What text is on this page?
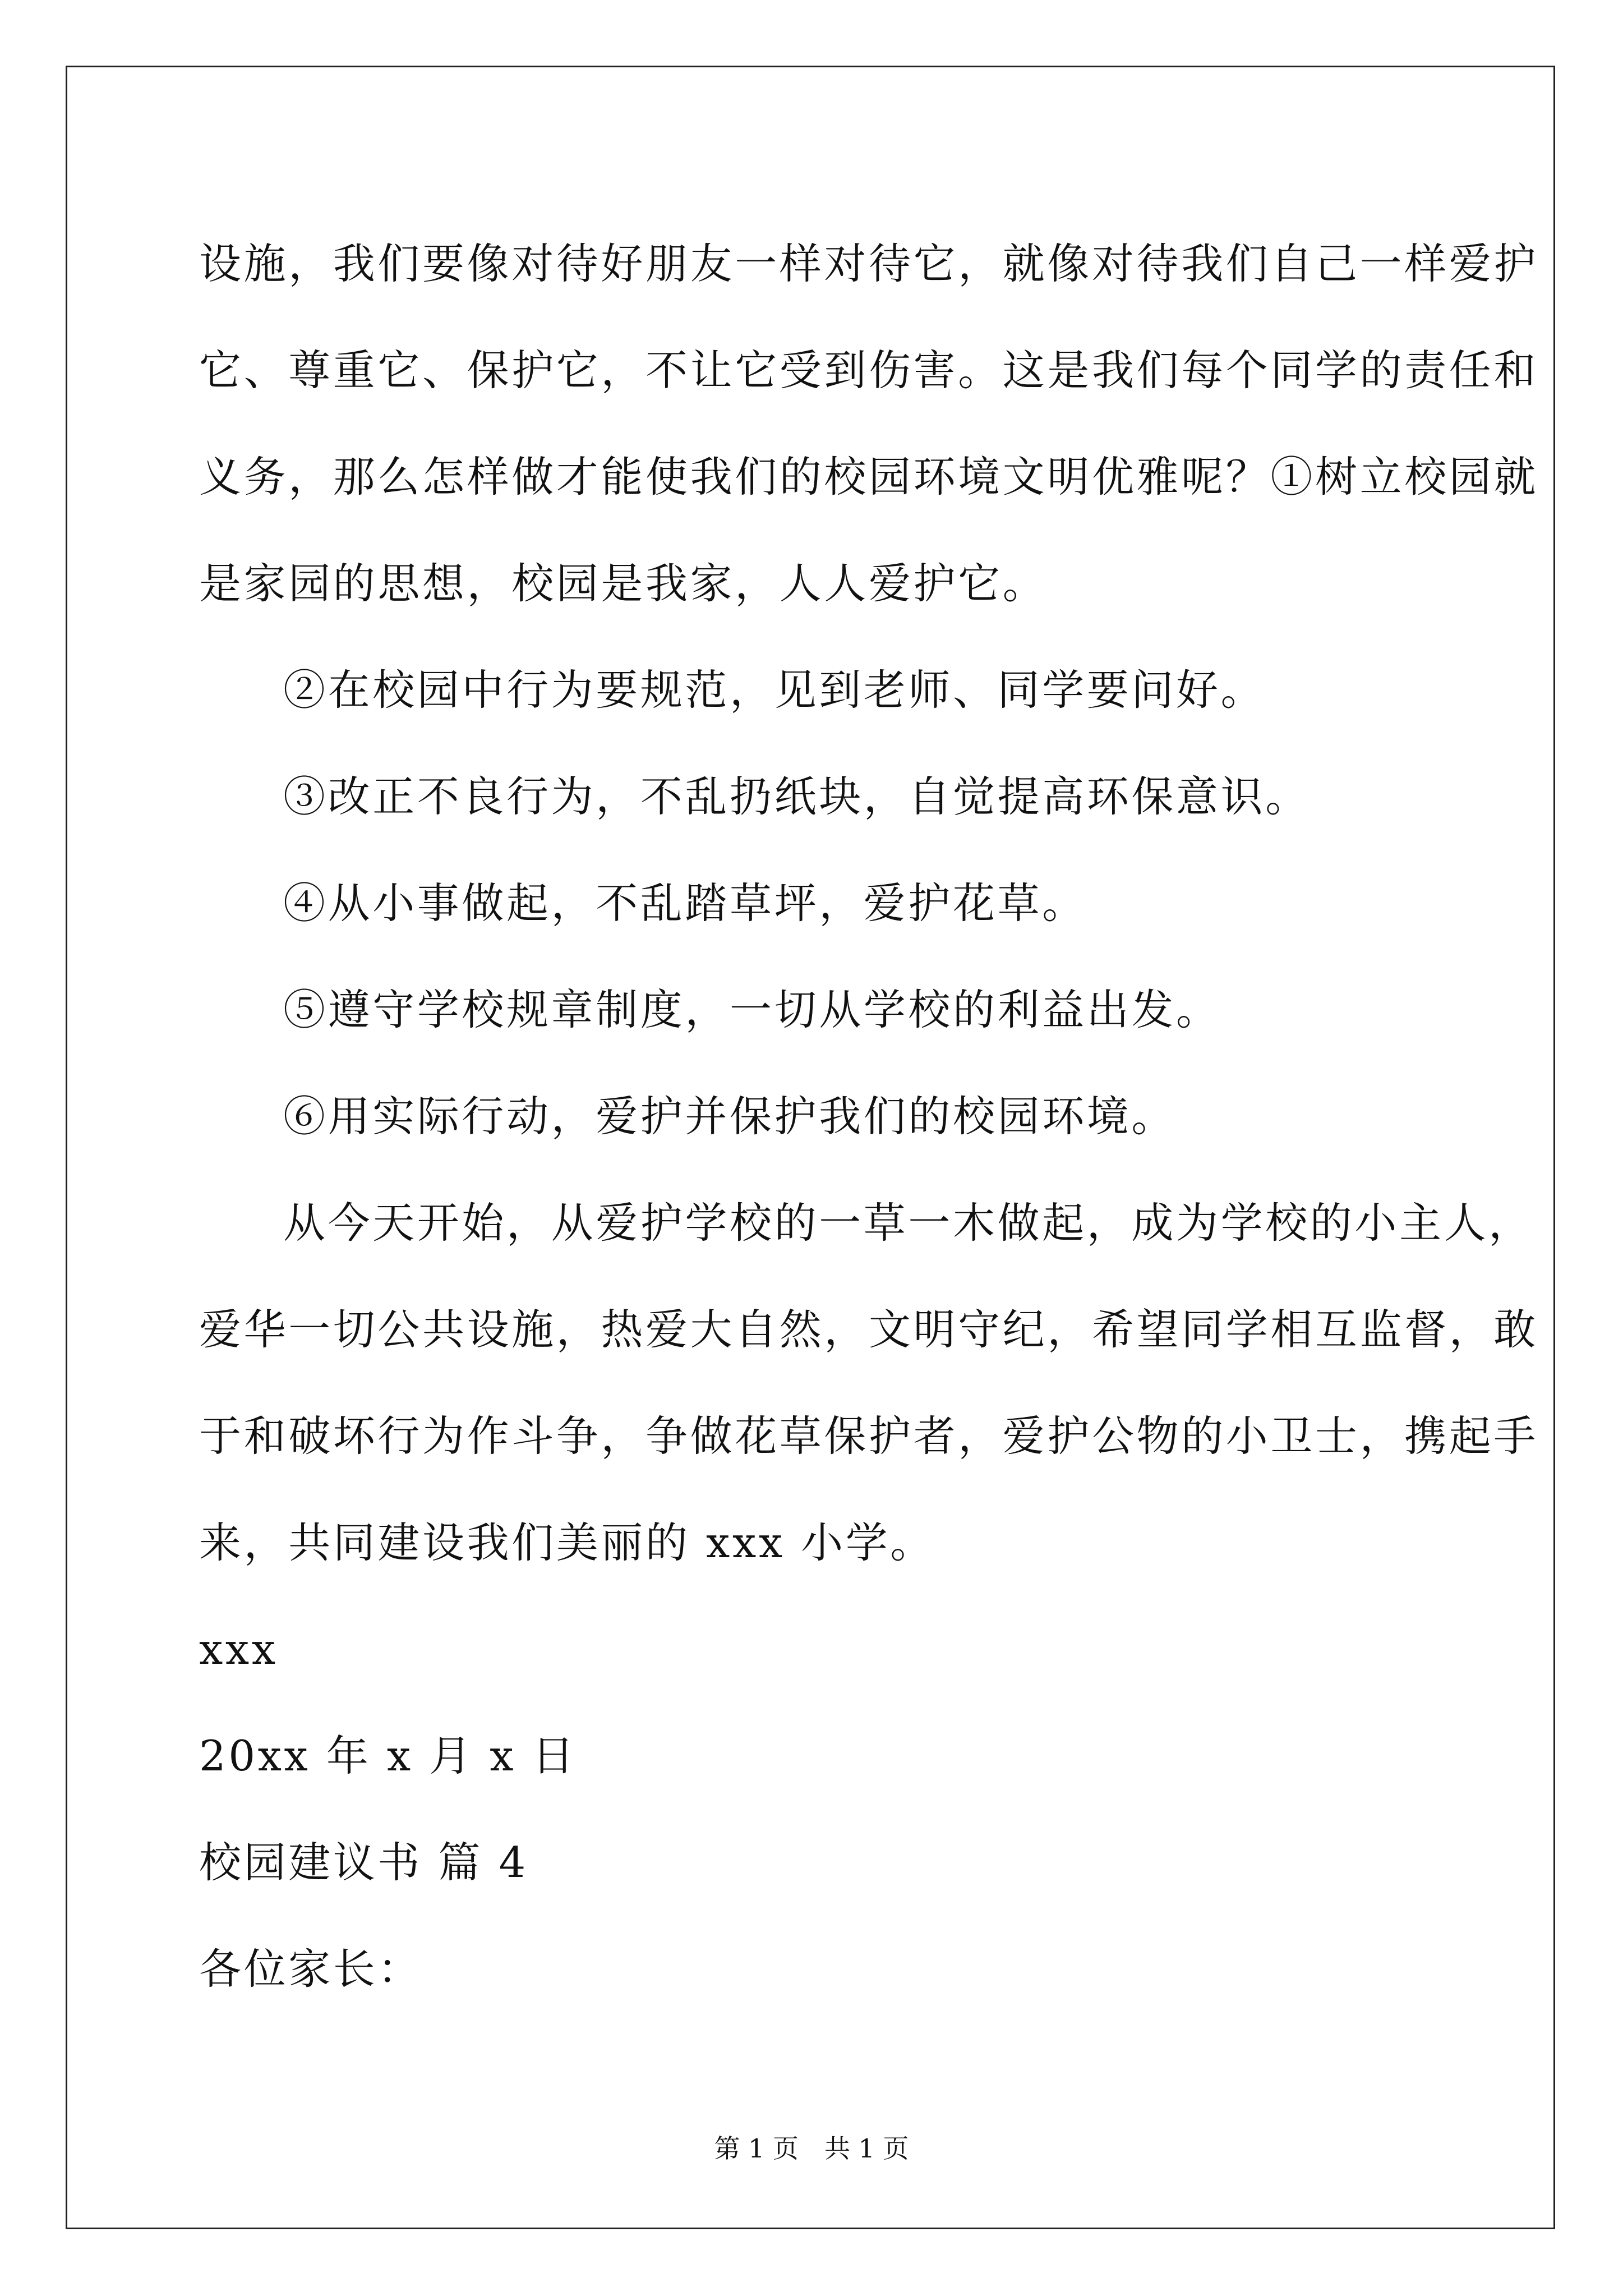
设施，我们要像对待好朋友一样对待它，就像对待我们自己一样爱护
它、尊重它、保护它，不让它受到伤害。这是我们每个同学的责任和
义务，那么怎样做才能使我们的校园环境文明优雅呢？①树立校园就
是家园的思想，校园是我家，人人爱护它。
②在校园中行为要规范，见到老师、同学要问好。
③改正不良行为，不乱扔纸块，自觉提高环保意识。
④从小事做起，不乱踏草坪，爱护花草。
⑤遵守学校规章制度，一切从学校的利益出发。
⑥用实际行动，爱护并保护我们的校园环境。
从今天开始，从爱护学校的一草一木做起，成为学校的小主人，
爱华一切公共设施，热爱大自然，文明守纪，希望同学相互监督，敢
于和破坏行为作斗争，争做花草保护者，爱护公物的小卫士，携起手
来，共同建设我们美丽的 xxx 小学。
xxx
20xx 年 x 月 x 日
校园建议书 篇 4
各位家长：
第 1 页　共 1 页
